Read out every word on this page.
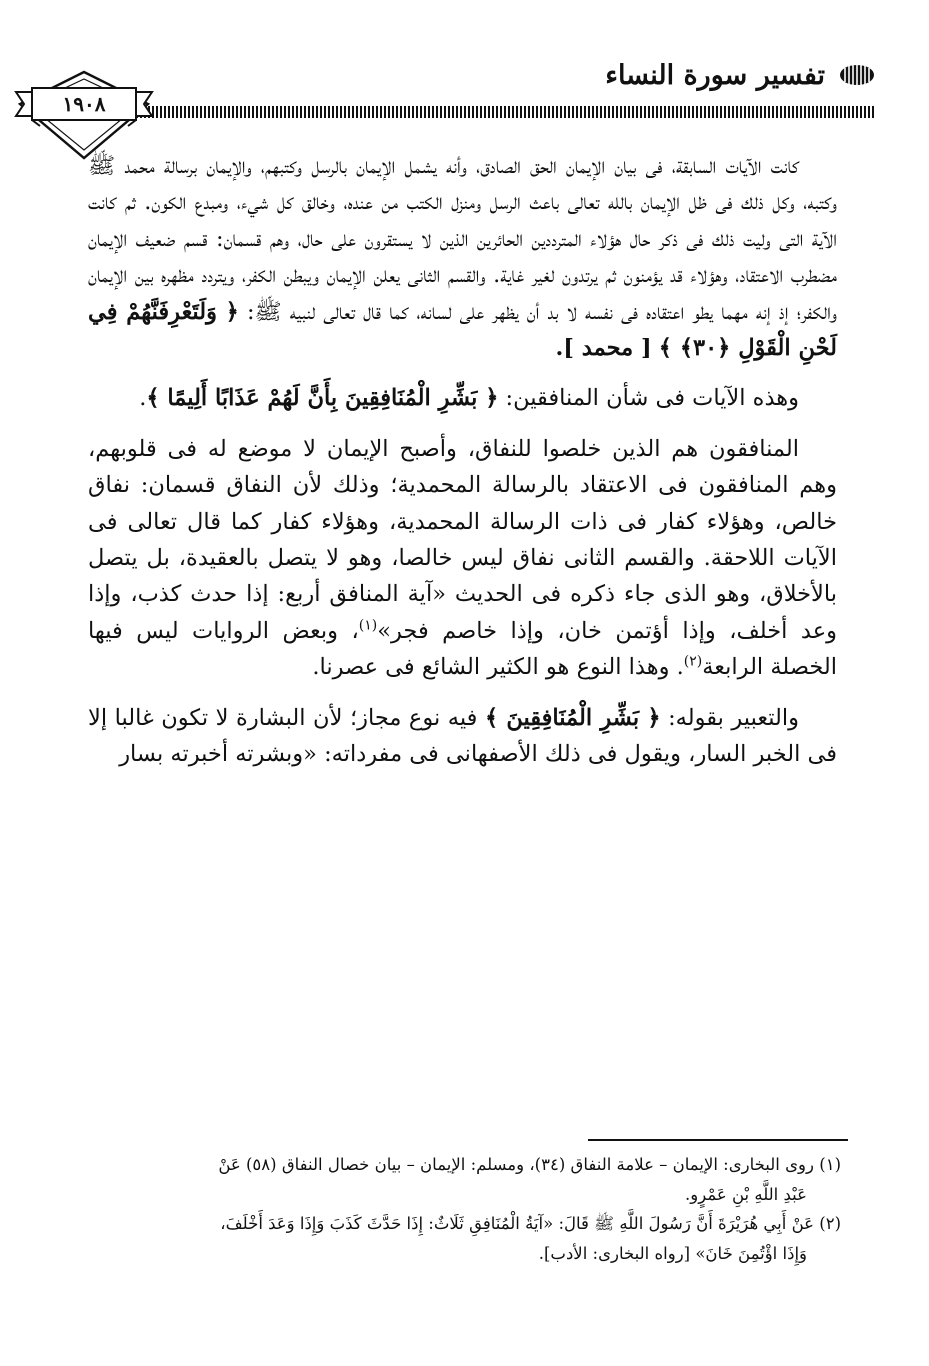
تفسير سورة النساء
١٩٠٨

كانت الآيات السابقة، فى بيان الإيمان الحق الصادق، وأنه يشمل الإيمان بالرسل وكتبهم، والإيمان برسالة محمد ﷺ وكتبه، وكل ذلك فى ظل الإيمان بالله تعالى باعث الرسل ومنزل الكتب من عنده، وخالق كل شيء، ومبدع الكون. ثم كانت الآية التى وليت ذلك فى ذكر حال هؤلاء المترددين الحائرين الذين لا يستقرون على حال، وهم قسمان: قسم ضعيف الإيمان مضطرب الاعتقاد، وهؤلاء قد يؤمنون ثم يرتدون لغير غاية. والقسم الثانى يعلن الإيمان ويبطن الكفر، ويتردد مظهره بين الإيمان والكفر؛ إذ إنه مهما يطو اعتقاده فى نفسه لا بد أن يظهر على لسانه، كما قال تعالى لنبيه ﷺ: ﴿ وَلَتَعْرِفَنَّهُمْ فِي لَحْنِ الْقَوْلِ ﴿٣٠﴾ ﴾ [ محمد ].

وهذه الآيات فى شأن المنافقين: ﴿ بَشِّرِ الْمُنَافِقِينَ بِأَنَّ لَهُمْ عَذَابًا أَلِيمًا ﴾.

المنافقون هم الذين خلصوا للنفاق، وأصبح الإيمان لا موضع له فى قلوبهم، وهم المنافقون فى الاعتقاد بالرسالة المحمدية؛ وذلك لأن النفاق قسمان: نفاق خالص، وهؤلاء كفار فى ذات الرسالة المحمدية، وهؤلاء كفار كما قال تعالى فى الآيات اللاحقة. والقسم الثانى نفاق ليس خالصا، وهو لا يتصل بالعقيدة، بل يتصل بالأخلاق، وهو الذى جاء ذكره فى الحديث «آية المنافق أربع: إذا حدث كذب، وإذا وعد أخلف، وإذا أؤتمن خان، وإذا خاصم فجر»$^{(١)}$، وبعض الروايات ليس فيها الخصلة الرابعة$^{(٢)}$. وهذا النوع هو الكثير الشائع فى عصرنا.

والتعبير بقوله: ﴿ بَشِّرِ الْمُنَافِقِينَ ﴾ فيه نوع مجاز؛ لأن البشارة لا تكون غالبا إلا فى الخبر السار، ويقول فى ذلك الأصفهانى فى مفرداته: «وبشرته أخبرته بسار

(١) روى البخارى: الإيمان – علامة النفاق (٣٤)، ومسلم: الإيمان – بيان خصال النفاق (٥٨) عَنْ

عَبْدِ اللَّهِ بْنِ عَمْرٍو.

(٢) عَنْ أَبِي هُرَيْرَةَ أَنَّ رَسُولَ اللَّهِ ﷺ قَالَ: «آيَةُ الْمُنَافِقِ ثَلَاثٌ: إِذَا حَدَّثَ كَذَبَ وَإِذَا وَعَدَ أَخْلَفَ،

وَإِذَا اؤْتُمِنَ خَانَ» [رواه البخارى: الأدب].
